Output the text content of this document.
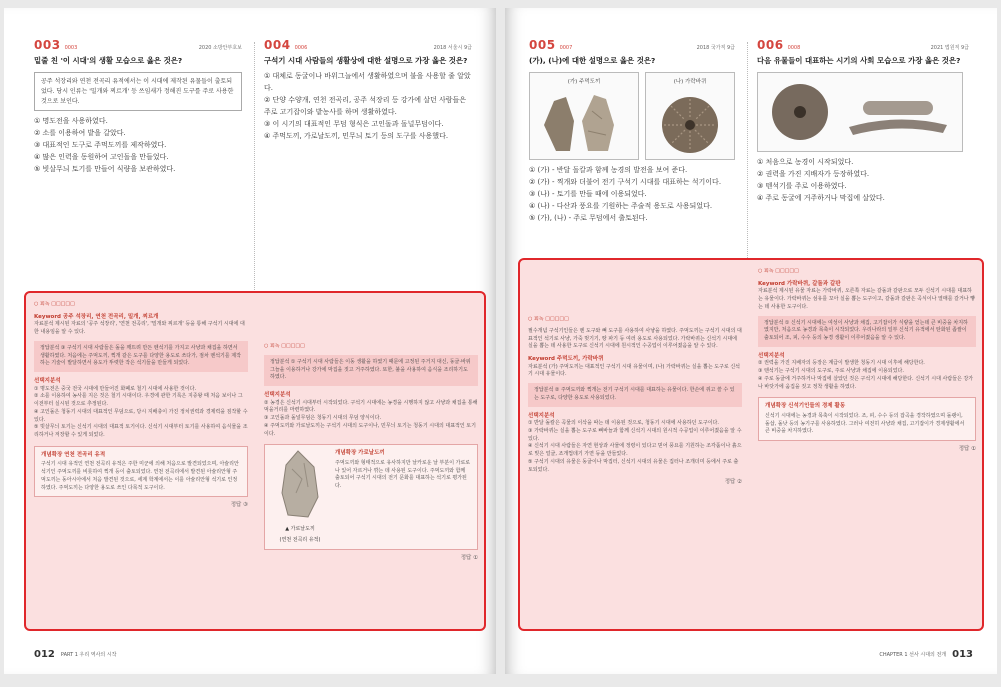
003 0003	2020 소방안부호보
밑줄 친 '이 시대'의 생활 모습으로 옳은 것은?
공주 석장리와 연천 전곡리 유적에서는 이 시대에 제작된 유물들이 출토되었다. 당시 인류는 '밀개와 찌르개' 등 쓰임새가 정해진 도구를 주로 사용한 것으로 보인다.
① 명도전을 사용하였다.
② 소를 이용하여 밭을 갈았다.
③ 대표적인 도구로 주먹도끼를 제작하였다.
④ 많은 인력을 동원하여 고인돌을 만들었다.
⑤ 빗살무늬 토기를 만들어 식량을 보관하였다.
004 0006	2018 서울시 9급
구석기 시대 사람들의 생활상에 대한 설명으로 가장 옳은 것은?
① 대체로 동굴이나 바위그늘에서 생활하였으며 불을 사용할 줄 알았다.
② 단양 수양개, 연천 전곡리, 공주 석장리 등 강가에 살던 사람들은 주로 고기잡이와 밭농사를 하며 생활하였다.
③ 이 시기의 대표적인 무덤 형식은 고인돌과 돌널무덤이다.
④ 주먹도끼, 가로날도끼, 민무늬 토기 등의 도구를 사용했다.
○ 회독 □□□□□
Keyword 공주 석장리, 연천 전곡리, 밀개, 찌르개
자료분석 제시된 자료의 '공주 석장리', '연천 전곡리', '밀개와 찌르개' 등을 통해 구석기 시대에 대한 내용임을 알 수 있다.
정답분석 ③ 구석기 시대 사람들은 돌을 깨뜨려 만든 뗀석기를 가지고 사냥과 채집을 하면서 생활하였다. 처음에는 주먹도끼, 찍개 같은 도구를 다양한 용도로 쓰다가, 점차 뗀석기를 제작하는 기술이 발달하면서 용도가 뚜렷한 작은 석기들을 만들게 되었다.
선택지분석
① 명도전은 중국 전국 시대에 만들어진 화폐로 철기 시대에 사용한 것이다.
② 소를 이용하여 농사를 지은 것은 철기 시대이다. 우경에 관한 기록은 지증왕 때 처음 보이나 그 이전부터 실시된 것으로 추정된다.
④ 고인돌은 청동기 시대의 대표적인 무덤으로, 당시 지배층이 가진 정치권력과 경제력을 짐작할 수 있다.
⑤ 빗살무늬 토기는 신석기 시대의 대표적 토기이다. 신석기 시대부터 토기를 사용하여 음식물을 조리하거나 저장할 수 있게 되었다.
개념확장 연천 전곡리 유적
구석기 시대 유적인 연천 전곡리 유적은 주한 미군에 의해 처음으로 발견되었으며, 아슐리안 석기인 주먹도끼를 비롯하여 찍개 등이 출토되었다. 연천 전곡리에서 발견된 아슐리안형 주먹도끼는 동아시아에서 처음 발견된 것으로, 세계 학계에서는 이를 아슐리안형 석기로 인정하였다. 주먹도끼는 다양한 용도로 쓰인 다목적 도구이다.
정답 ③
○ 회독 □□□□□
정답분석 ① 구석기 시대 사람들은 이동 생활을 하였기 때문에 고정된 주거지 대신, 동굴·바위그늘을 이용하거나 강가에 막집을 짓고 거주하였다. 또한, 불을 사용하여 음식을 조리하기도 하였다.
선택지분석
② 농경은 신석기 시대부터 시작되었다. 구석기 시대에는 농경을 시행하지 않고 사냥과 채집을 통해 먹을거리를 마련하였다.
③ 고인돌과 돌널무덤은 청동기 시대의 무덤 양식이다.
④ 주먹도끼와 가로날도끼는 구석기 시대의 도구이나, 민무늬 토기는 청동기 시대의 대표적인 토기이다.
▲ 가로날도끼
(연천 전곡리 유적)
개념확장 가로날도끼
주먹도끼와 형태적으로 유사하지만 날카로운 날 부분이 가로로 나 있어 자르거나 깎는 데 사용된 도구이다. 주먹도끼와 함께 출토되어 구석기 시대의 전기 문화를 대표하는 석기로 평가된다.
정답 ①
012 PART 1 우리 역사의 시작
005 0007	2018 국가직 9급
(가), (나)에 대한 설명으로 옳은 것은?
(가) 주먹도끼	(나) 가락바퀴
① (가) - 반달 돌칼과 함께 농경의 발전을 보여 준다.
② (가) - 찍개와 더불어 전기 구석기 시대를 대표하는 석기이다.
③ (나) - 토기를 만들 때에 이용되었다.
④ (나) - 다산과 풍요를 기원하는 주술적 용도로 사용되었다.
⑤ (가), (나) - 주로 무덤에서 출토된다.
006 0008	2021 법원직 9급
다음 유물들이 대표하는 시기의 사회 모습으로 가장 옳은 것은?
① 처음으로 농경이 시작되었다.
② 권력을 가진 지배자가 등장하였다.
③ 뗀석기를 주로 이용하였다.
④ 주로 동굴에 거주하거나 막집에 살았다.
○ 회독 □□□□□
필수개념 구석기인들은 뗀 도구와 뼈 도구를 사용하여 사냥을 하였다. 주먹도끼는 구석기 시대의 대표적인 석기로 사냥, 가죽 벗기기, 땅 파기 등 여러 용도로 사용되었다. 가락바퀴는 신석기 시대에 실을 뽑는 데 사용한 도구로 신석기 시대에 원시적인 수공업이 이루어졌음을 알 수 있다.
Keyword 주먹도끼, 가락바퀴
자료분석 (가) 주먹도끼는 대표적인 구석기 시대 유물이며, (나) 가락바퀴는 실을 뽑는 도구로 신석기 시대 유물이다.
정답분석 ② 주먹도끼와 찍개는 전기 구석기 시대를 대표하는 유물이다. 한손에 쥐고 쓸 수 있는 도구로, 다양한 용도로 사용되었다.
선택지분석
① 반달 돌칼은 곡물의 이삭을 따는 데 이용된 것으로, 청동기 시대에 사용하던 도구이다.
③ 가락바퀴는 실을 뽑는 도구로 뼈바늘과 함께 신석기 시대의 원시적 수공업이 이루어졌음을 알 수 있다.
④ 신석기 시대 사람들은 자연 현상과 사물에 정령이 있다고 믿어 풍요를 기원하는 조각품이나 흙으로 빚은 얼굴, 조개껍데기 가면 등을 만들었다.
⑤ 구석기 시대의 유물은 동굴이나 막집터, 신석기 시대의 유물은 집터나 조개더미 등에서 주로 출토되었다.
정답 ②
○ 회독 □□□□□
Keyword 가락바퀴, 갈돌과 갈판
자료분석 제시된 유물 자료는 가락바퀴, 오른쪽 자료는 갈돌과 갈판으로 모두 신석기 시대를 대표하는 유물이다. 가락바퀴는 섬유를 꼬아 실을 뽑는 도구이고, 갈돌과 갈판은 곡식이나 열매를 갈거나 빻는 데 사용한 도구이다.
정답분석 ① 신석기 시대에는 여성이 사냥과 채집, 고기잡이가 식량을 얻는데 큰 비중을 차지하였지만, 처음으로 농경과 목축이 시작되었다. 우리나라의 일부 신석기 유적에서 탄화된 좁쌀이 출토되어 조, 피, 수수 등의 농경 생활이 이루어졌음을 알 수 있다.
선택지분석
② 권력을 가진 지배자의 등장은 계급이 발생한 청동기 시대 이후에 해당한다.
③ 뗀석기는 구석기 시대의 도구로, 주로 사냥과 채집에 이용되었다.
④ 주로 동굴에 거주하거나 막집에 살았던 것은 구석기 시대에 해당한다. 신석기 시대 사람들은 강가나 바닷가에 움집을 짓고 정착 생활을 하였다.
개념확장 신석기인들의 경제 활동
신석기 시대에는 농경과 목축이 시작되었다. 조, 피, 수수 등의 잡곡을 경작하였으며 돌괭이, 돌삽, 돌낫 등의 농기구를 사용하였다. 그러나 여전히 사냥과 채집, 고기잡이가 경제생활에서 큰 비중을 차지하였다.
정답 ①
CHAPTER 1 선사 시대의 전개 013
